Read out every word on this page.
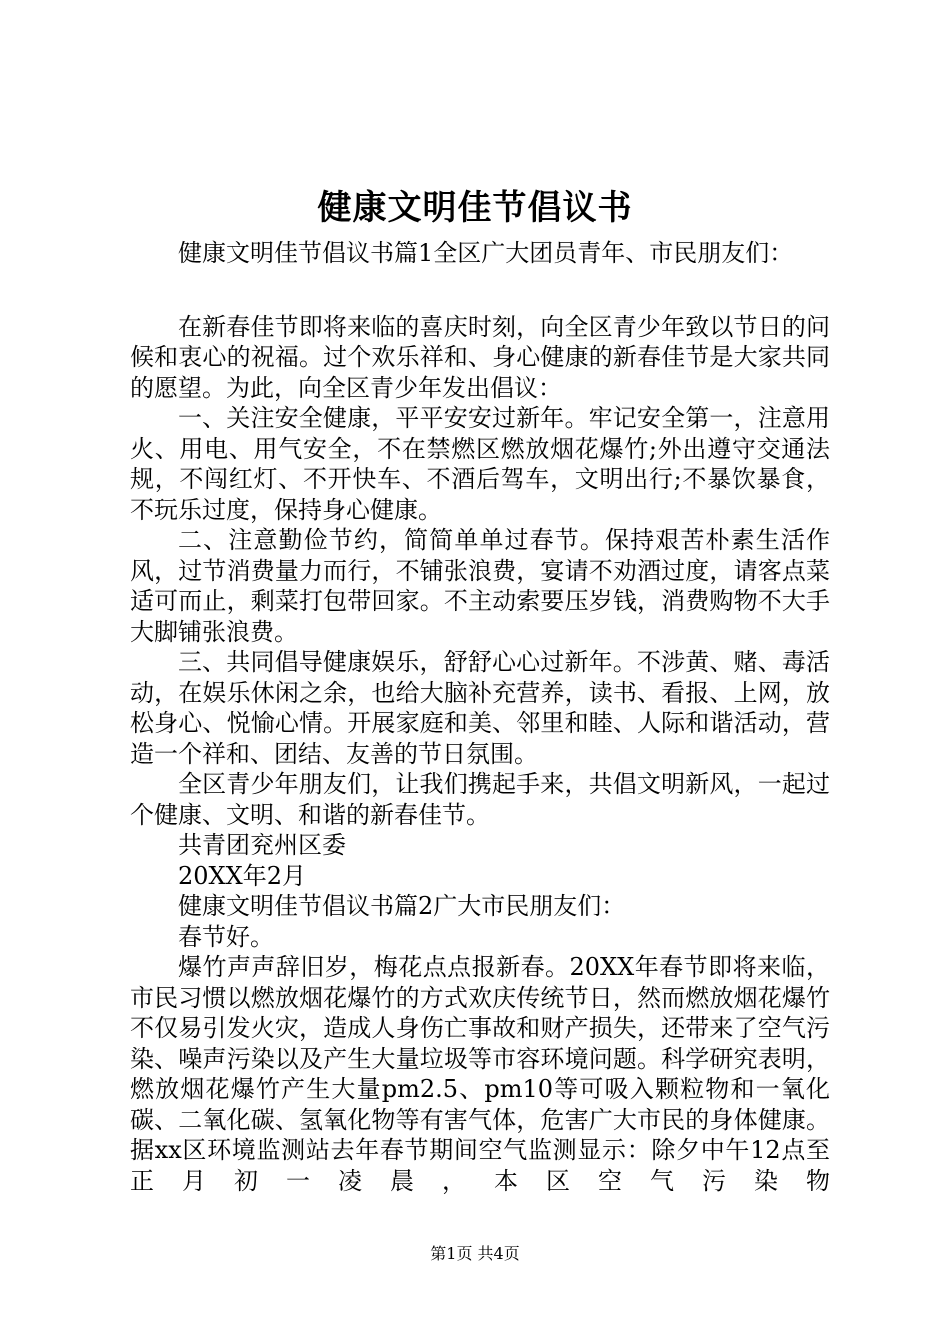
健康文明佳节倡议书

健康文明佳节倡议书篇1全区广大团员青年、市民朋友们：

在新春佳节即将来临的喜庆时刻，向全区青少年致以节日的问候和衷心的祝福。过个欢乐祥和、身心健康的新春佳节是大家共同的愿望。为此，向全区青少年发出倡议：

一、关注安全健康，平平安安过新年。牢记安全第一，注意用火、用电、用气安全，不在禁燃区燃放烟花爆竹;外出遵守交通法规，不闯红灯、不开快车、不酒后驾车，文明出行;不暴饮暴食，不玩乐过度，保持身心健康。

二、注意勤俭节约，简简单单过春节。保持艰苦朴素生活作风，过节消费量力而行，不铺张浪费，宴请不劝酒过度，请客点菜适可而止，剩菜打包带回家。不主动索要压岁钱，消费购物不大手大脚铺张浪费。

三、共同倡导健康娱乐，舒舒心心过新年。不涉黄、赌、毒活动，在娱乐休闲之余，也给大脑补充营养，读书、看报、上网，放松身心、悦愉心情。开展家庭和美、邻里和睦、人际和谐活动，营造一个祥和、团结、友善的节日氛围。

全区青少年朋友们，让我们携起手来，共倡文明新风，一起过个健康、文明、和谐的新春佳节。

共青团兖州区委

20XX年2月

健康文明佳节倡议书篇2广大市民朋友们：

春节好。

爆竹声声辞旧岁，梅花点点报新春。20XX年春节即将来临，市民习惯以燃放烟花爆竹的方式欢庆传统节日，然而燃放烟花爆竹不仅易引发火灾，造成人身伤亡事故和财产损失，还带来了空气污染、噪声污染以及产生大量垃圾等市容环境问题。科学研究表明，燃放烟花爆竹产生大量pm2.5、pm10等可吸入颗粒物和一氧化碳、二氧化碳、氢氧化物等有害气体，危害广大市民的身体健康。据xx区环境监测站去年春节期间空气监测显示：除夕中午12点至正月初一凌晨，本区空气污染物

第1页 共4页
